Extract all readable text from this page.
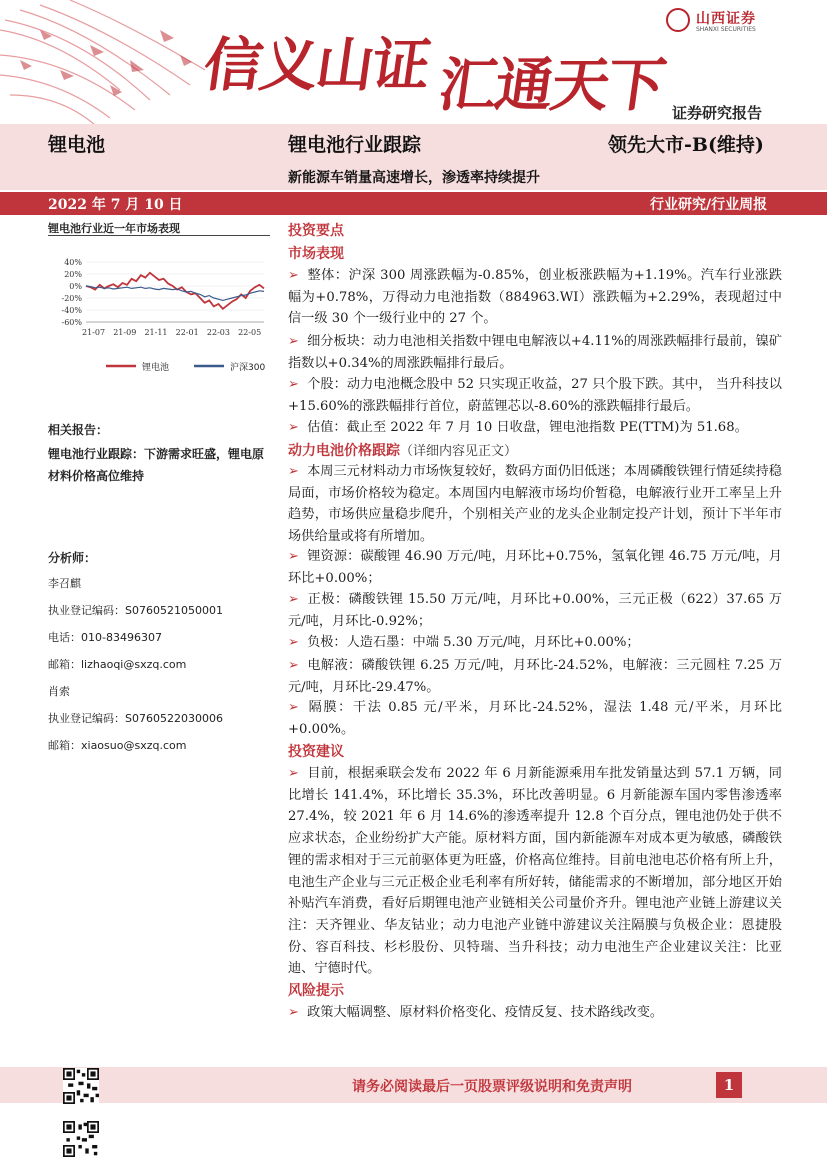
信义山证 汇通天下
山西证券
SHANXI SECURITIES
证券研究报告
锂电池	锂电池行业跟踪	领先大市-B(维持)
新能源车销量高速增长，渗透率持续提升
2022 年 7 月 10 日	行业研究/行业周报
锂电池行业近一年市场表现
40%
20%
0%
-20%
-40%
-60%
21-07 21-09 21-11 22-01 22-03 22-05
锂电池	沪深300
相关报告：
锂电池行业跟踪：下游需求旺盛，锂电原材料价格高位维持
分析师：
李召麒
执业登记编码：S0760521050001
电话：010-83496307
邮箱：lizhaoqi@sxzq.com
肖索
执业登记编码：S0760522030006
邮箱：xiaosuo@sxzq.com
投资要点
市场表现
➢ 整体：沪深 300 周涨跌幅为-0.85%，创业板涨跌幅为+1.19%。汽车行业涨跌幅为+0.78%，万得动力电池指数（884963.WI）涨跌幅为+2.29%，表现超过中信一级 30 个一级行业中的 27 个。
➢ 细分板块：动力电池相关指数中锂电电解液以+4.11%的周涨跌幅排行最前，镍矿指数以+0.34%的周涨跌幅排行最后。
➢ 个股：动力电池概念股中 52 只实现正收益，27 只个股下跌。其中， 当升科技以+15.60%的涨跌幅排行首位，蔚蓝锂芯以-8.60%的涨跌幅排行最后。
➢ 估值：截止至 2022 年 7 月 10 日收盘，锂电池指数 PE(TTM)为 51.68。
动力电池价格跟踪（详细内容见正文）
➢ 本周三元材料动力市场恢复较好，数码方面仍旧低迷；本周磷酸铁锂行情延续持稳局面，市场价格较为稳定。本周国内电解液市场均价暂稳，电解液行业开工率呈上升趋势，市场供应量稳步爬升，个别相关产业的龙头企业制定投产计划，预计下半年市场供给量或将有所增加。
➢ 锂资源：碳酸锂 46.90 万元/吨，月环比+0.75%，氢氧化锂 46.75 万元/吨，月环比+0.00%；
➢ 正极：磷酸铁锂 15.50 万元/吨，月环比+0.00%，三元正极（622）37.65 万元/吨，月环比-0.92%；
➢ 负极：人造石墨：中端 5.30 万元/吨，月环比+0.00%；
➢ 电解液：磷酸铁锂 6.25 万元/吨，月环比-24.52%，电解液：三元圆柱 7.25 万元/吨，月环比-29.47%。
➢ 隔膜：干法 0.85 元/平米，月环比-24.52%，湿法 1.48 元/平米，月环比+0.00%。
投资建议
➢ 目前，根据乘联会发布 2022 年 6 月新能源乘用车批发销量达到 57.1 万辆，同比增长 141.4%，环比增长 35.3%，环比改善明显。6 月新能源车国内零售渗透率 27.4%，较 2021 年 6 月 14.6%的渗透率提升 12.8 个百分点，锂电池仍处于供不应求状态，企业纷纷扩大产能。原材料方面，国内新能源车对成本更为敏感，磷酸铁锂的需求相对于三元前驱体更为旺盛，价格高位维持。目前电池电芯价格有所上升，电池生产企业与三元正极企业毛利率有所好转，储能需求的不断增加，部分地区开始补贴汽车消费，看好后期锂电池产业链相关公司量价齐升。锂电池产业链上游建议关注：天齐锂业、华友钴业；动力电池产业链中游建议关注隔膜与负极企业：恩捷股份、容百科技、杉杉股份、贝特瑞、当升科技；动力电池生产企业建议关注：比亚迪、宁德时代。
风险提示
➢ 政策大幅调整、原材料价格变化、疫情反复、技术路线改变。
请务必阅读最后一页股票评级说明和免责声明	1
